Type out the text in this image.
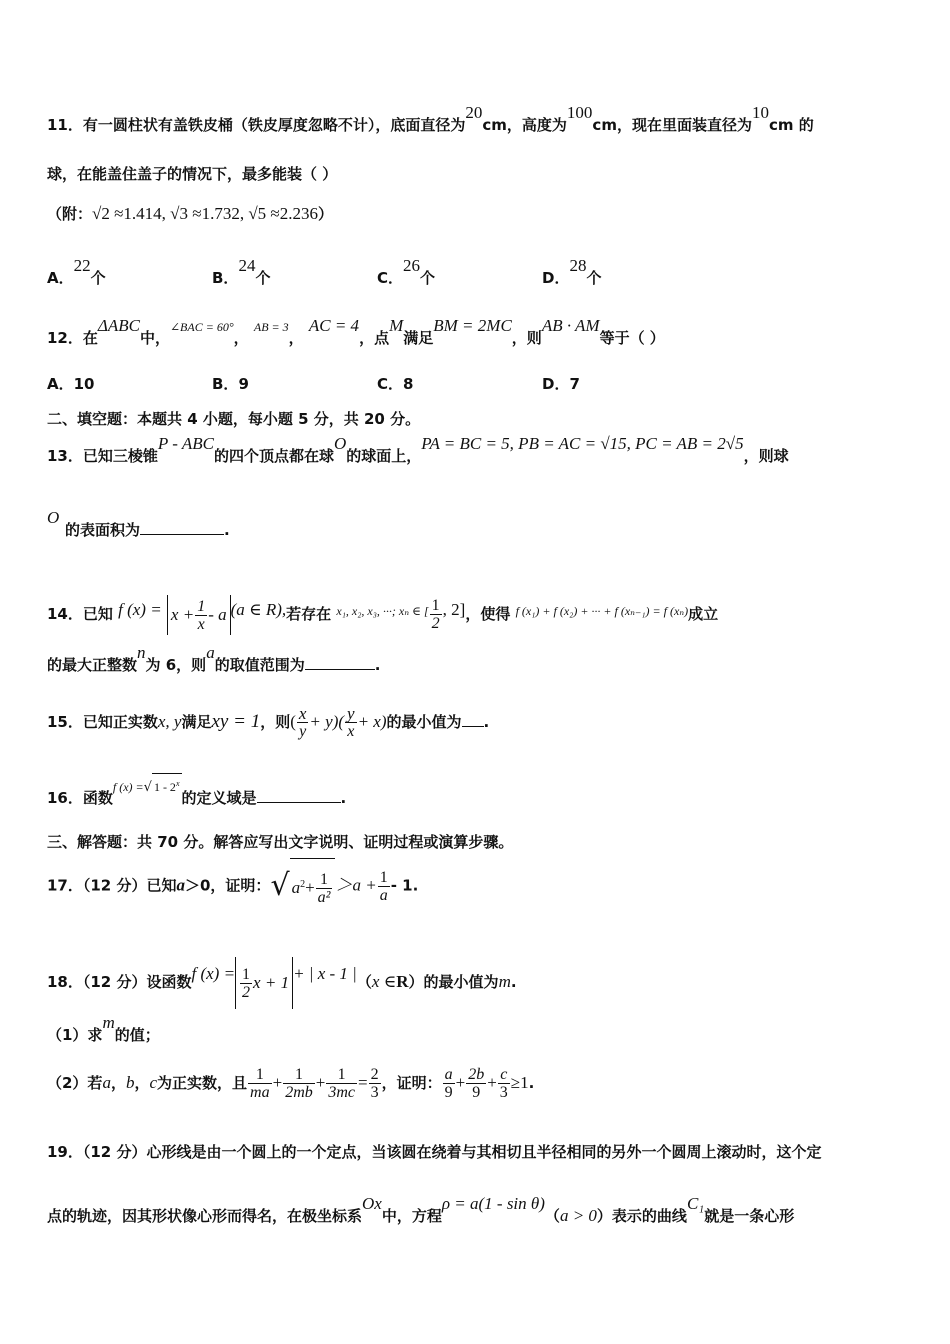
11．有一圆柱状有盖铁皮桶（铁皮厚度忽略不计），底面直径为20cm，高度为100cm，现在里面装直径为10cm 的
球，在能盖住盖子的情况下，最多能装（ ）
（附：√2 ≈1.414, √3 ≈1.732, √5 ≈2.236）
A．22个	B．24个	C．26个	D．28个
12．在ΔABC中，$^{\angle BAC = 60^\circ}$， $^{AB = 3}$， AC = 4，点M满足BM = 2MC，则AB · AM等于（ ）
A．10	B．9	C．8	D．7
二、填空题：本题共 4 小题，每小题 5 分，共 20 分。
13．已知三棱锥P - ABC的四个顶点都在球O的球面上，PA = BC = 5, PB = AC = √15, PC = AB = 2√5，则球
O
的表面积为	.
14．已知 f $(x) = x + \frac{1}{x} - a$ (a ∈ R),若存在 $^{x_1, x_2, x_3, \cdot\cdot\cdot; x_n \in [} \frac{1}{2}$ , 2]，使得 $^{f (x_1) + f (x_2) + \cdot\cdot\cdot + f (x_{n-1}) = f (x_n)}$成立
的最大正整数n为 6，则a的取值范围为	.
15．已知正实数x, y满足xy = 1，则( $\frac{x}{y} + y)( \frac{y}{x} + x)$的最小值为 .
16．函数$^{f (x) =}$√ 1 - 2$^x$的定义域是	.
三、解答题：共 70 分。解答应写出文字说明、证明过程或演算步骤。
17．（12 分）已知a＞0，证明：√ $a^2+ \frac{1}{\text{a²}} >a + \frac{1}{a} - 1$.
18．（12 分）设函数f $(x) = \frac{1}{2}$ x + 1 + | x - 1 |（x ∈R）的最小值为m.
（1）求m的值；
（2）若a，b，c为正实数，且 $\frac{1}{ma} + \frac{1}{2mb} + \frac{1}{3mc} = \frac{2}{3}$ ，证明： $\frac{a}{9} + \frac{2b}{9} + \frac{c}{3} \ge 1$.
19．（12 分）心形线是由一个圆上的一个定点，当该圆在绕着与其相切且半径相同的另外一个圆周上滚动时，这个定
点的轨迹，因其形状像心形而得名，在极坐标系Ox中，方程ρ = a(1 - sin θ)（a > 0）表示的曲线C₁就是一条心形
